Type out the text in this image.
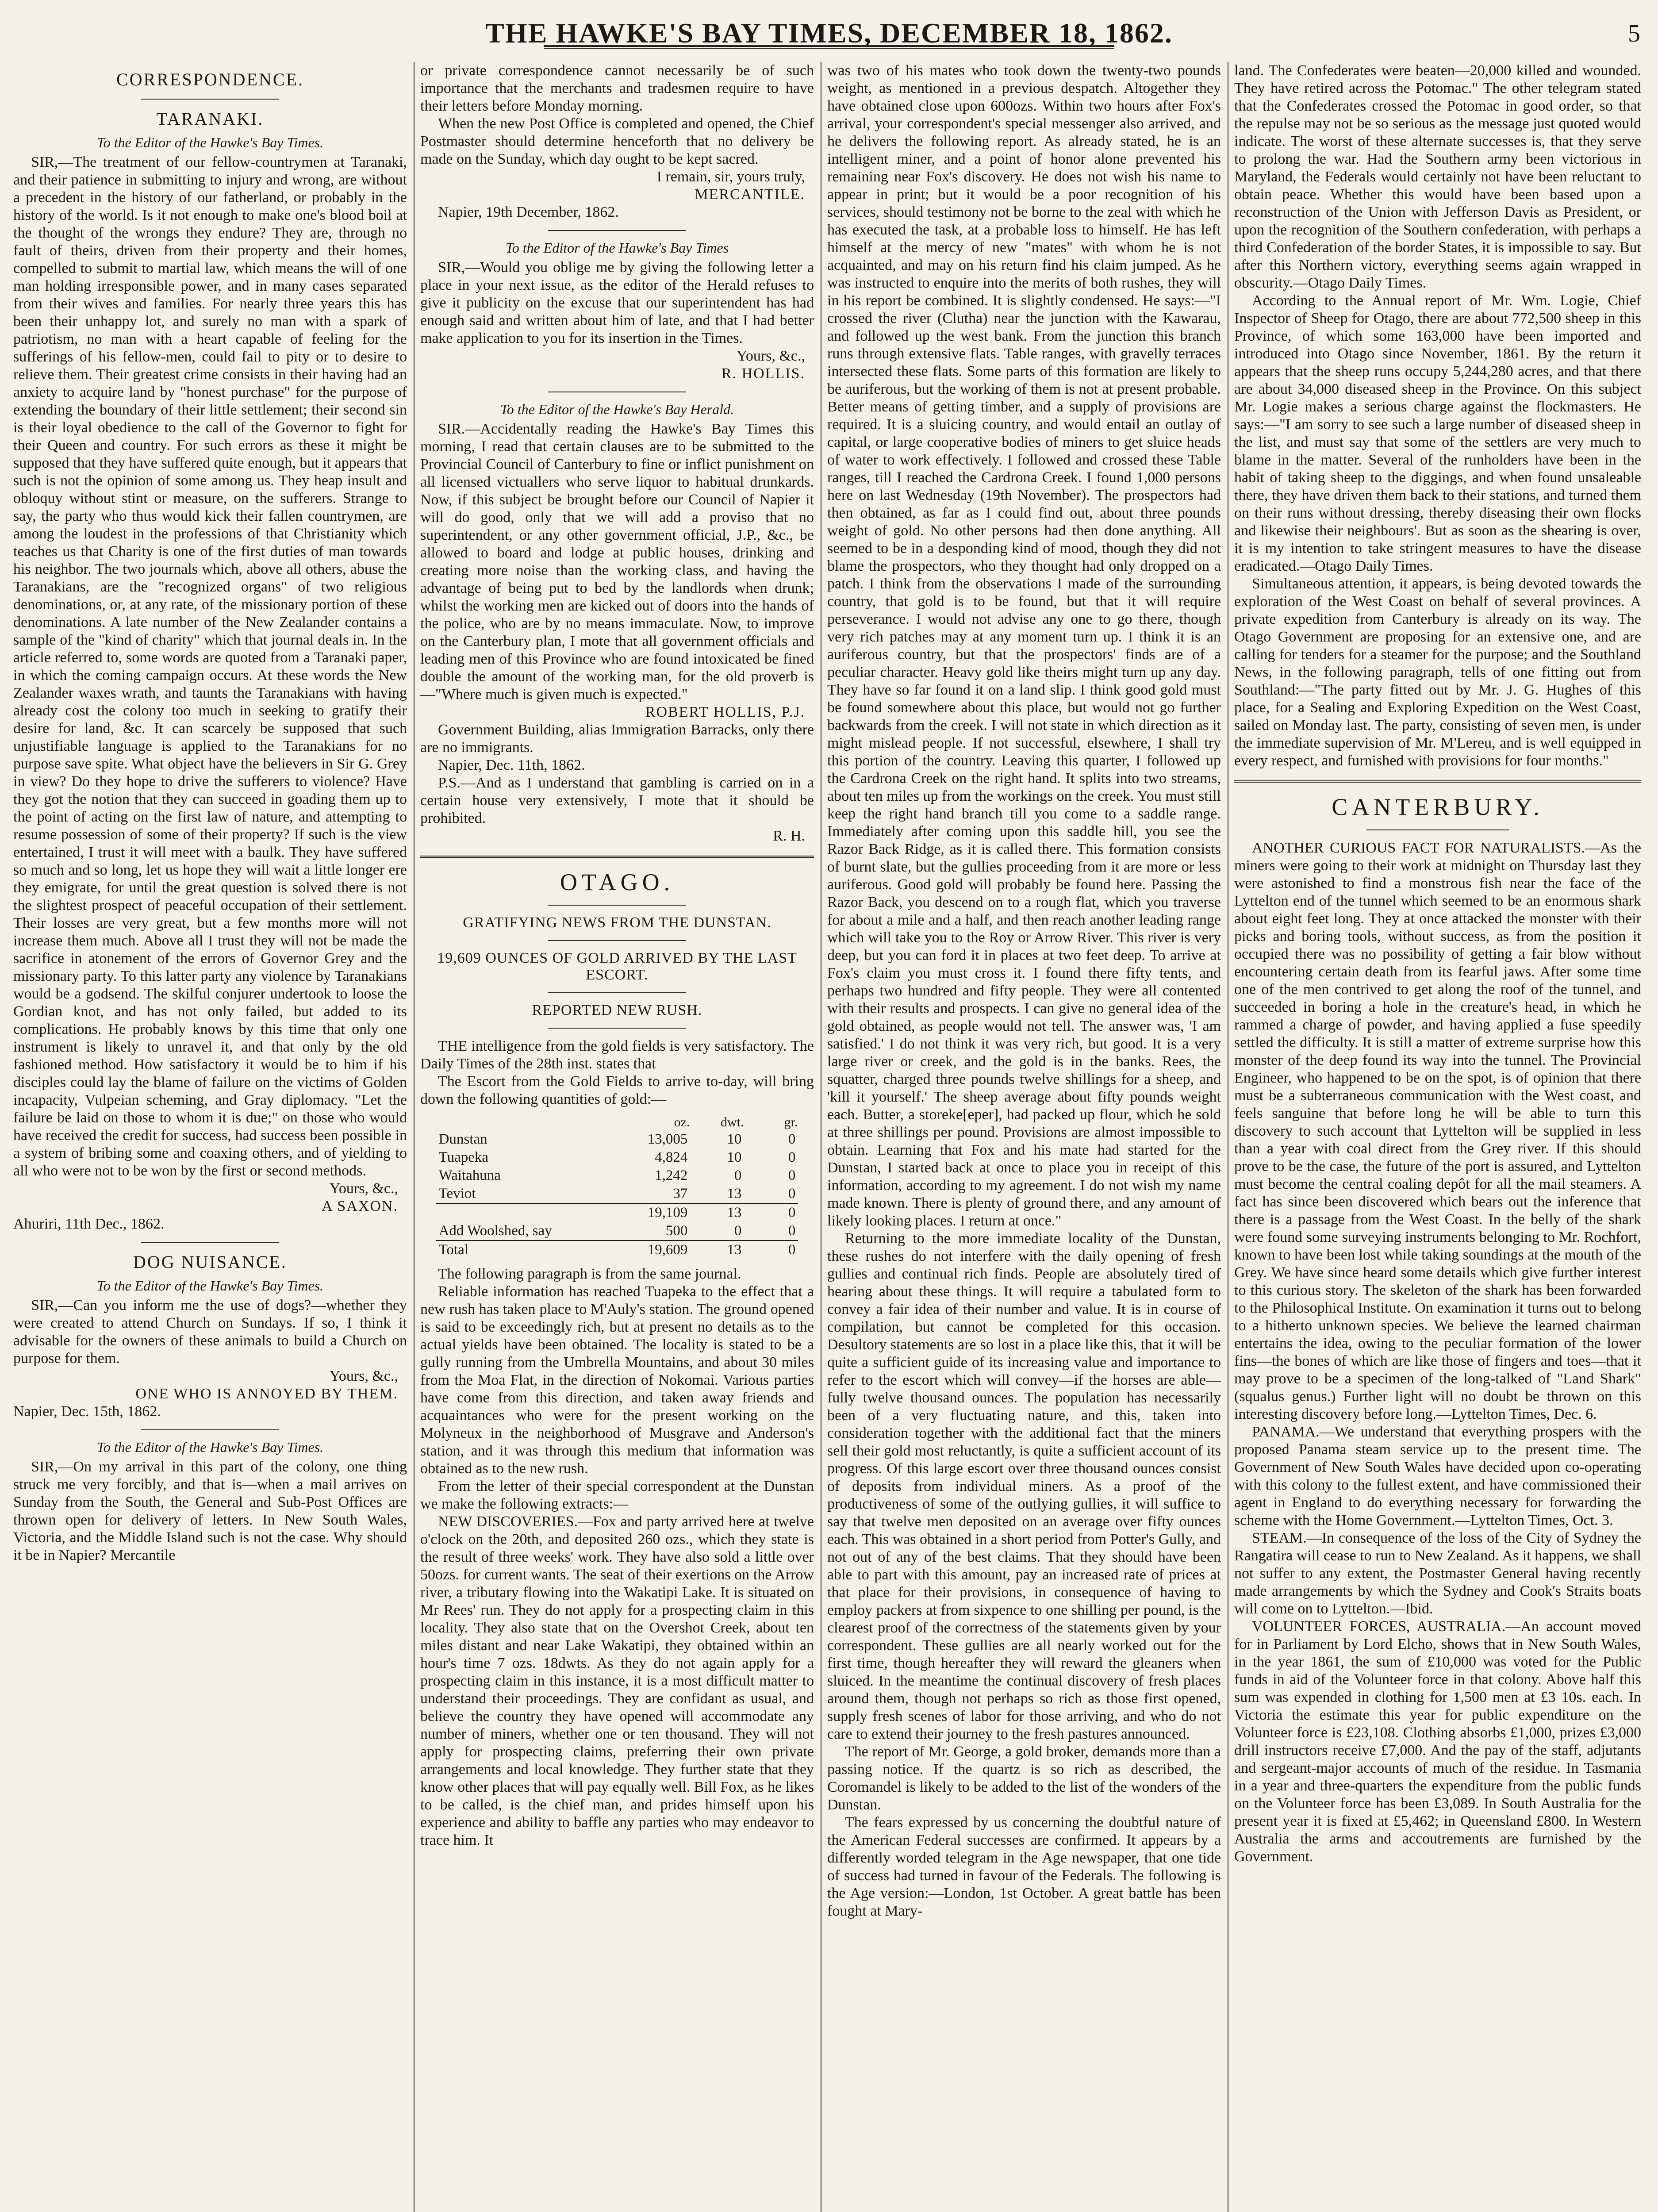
THE HAWKE'S BAY TIMES, DECEMBER 18, 1862.	5
CORRESPONDENCE.
TARANAKI.
To the Editor of the Hawke's Bay Times.

SIR,—The treatment of our fellow-countrymen at Taranaki, and their patience in submitting to injury and wrong, are without a precedent in the history of our fatherland, or probably in the history of the world. Is it not enough to make one's blood boil at the thought of the wrongs they endure? They are, through no fault of theirs, driven from their property and their homes, compelled to submit to martial law, which means the will of one man holding irresponsible power, and in many cases separated from their wives and families. For nearly three years this has been their unhappy lot, and surely no man with a spark of patriotism, no man with a heart capable of feeling for the sufferings of his fellow-men, could fail to pity or to desire to relieve them. Their greatest crime consists in their having had an anxiety to acquire land by "honest purchase" for the purpose of extending the boundary of their little settlement; their second sin is their loyal obedience to the call of the Governor to fight for their Queen and country. For such errors as these it might be supposed that they have suffered quite enough, but it appears that such is not the opinion of some among us. They heap insult and obloquy without stint or measure, on the sufferers. Strange to say, the party who thus would kick their fallen countrymen, are among the loudest in the professions of that Christianity which teaches us that Charity is one of the first duties of man towards his neighbor. The two journals which, above all others, abuse the Taranakians, are the "recognized organs" of two religious denominations, or, at any rate, of the missionary portion of these denominations. A late number of the New Zealander contains a sample of the "kind of charity" which that journal deals in. In the article referred to, some words are quoted from a Taranaki paper, in which the coming campaign occurs. At these words the New Zealander waxes wrath, and taunts the Taranakians with having already cost the colony too much in seeking to gratify their desire for land, &c. It can scarcely be supposed that such unjustifiable language is applied to the Taranakians for no purpose save spite. What object have the believers in Sir G. Grey in view? Do they hope to drive the sufferers to violence? Have they got the notion that they can succeed in goading them up to the point of acting on the first law of nature, and attempting to resume possession of some of their property? If such is the view entertained, I trust it will meet with a baulk. They have suffered so much and so long, let us hope they will wait a little longer ere they emigrate, for until the great question is solved there is not the slightest prospect of peaceful occupation of their settlement. Their losses are very great, but a few months more will not increase them much. Above all I trust they will not be made the sacrifice in atonement of the errors of Governor Grey and the missionary party. To this latter party any violence by Taranakians would be a godsend. The skilful conjurer undertook to loose the Gordian knot, and has not only failed, but added to its complications. He probably knows by this time that only one instrument is likely to unravel it, and that only by the old fashioned method. How satisfactory it would be to him if his disciples could lay the blame of failure on the victims of Golden incapacity, Vulpeian scheming, and Gray diplomacy. "Let the failure be laid on those to whom it is due;" on those who would have received the credit for success, had success been possible in a system of bribing some and coaxing others, and of yielding to all who were not to be won by the first or second methods.

Yours, &c.,

A SAXON.

Ahuriri, 11th Dec., 1862.

DOG NUISANCE.
To the Editor of the Hawke's Bay Times.

SIR,—Can you inform me the use of dogs?—whether they were created to attend Church on Sundays. If so, I think it advisable for the owners of these animals to build a Church on purpose for them.

Yours, &c.,

ONE WHO IS ANNOYED BY THEM.

Napier, Dec. 15th, 1862.

To the Editor of the Hawke's Bay Times.

SIR,—On my arrival in this part of the colony, one thing struck me very forcibly, and that is—when a mail arrives on Sunday from the South, the General and Sub-Post Offices are thrown open for delivery of letters. In New South Wales, Victoria, and the Middle Island such is not the case. Why should it be in Napier? Mercantile

or private correspondence cannot necessarily be of such importance that the merchants and tradesmen require to have their letters before Monday morning.

When the new Post Office is completed and opened, the Chief Postmaster should determine henceforth that no delivery be made on the Sunday, which day ought to be kept sacred.

I remain, sir, yours truly,

MERCANTILE.

Napier, 19th December, 1862.

To the Editor of the Hawke's Bay Times

SIR,—Would you oblige me by giving the following letter a place in your next issue, as the editor of the Herald refuses to give it publicity on the excuse that our superintendent has had enough said and written about him of late, and that I had better make application to you for its insertion in the Times.

Yours, &c.,

R. HOLLIS.

To the Editor of the Hawke's Bay Herald.

SIR.—Accidentally reading the Hawke's Bay Times this morning, I read that certain clauses are to be submitted to the Provincial Council of Canterbury to fine or inflict punishment on all licensed victuallers who serve liquor to habitual drunkards. Now, if this subject be brought before our Council of Napier it will do good, only that we will add a proviso that no superintendent, or any other government official, J.P., &c., be allowed to board and lodge at public houses, drinking and creating more noise than the working class, and having the advantage of being put to bed by the landlords when drunk; whilst the working men are kicked out of doors into the hands of the police, who are by no means immaculate. Now, to improve on the Canterbury plan, I mote that all government officials and leading men of this Province who are found intoxicated be fined double the amount of the working man, for the old proverb is—"Where much is given much is expected."

ROBERT HOLLIS, P.J.

Government Building, alias Immigration Barracks, only there are no immigrants.

Napier, Dec. 11th, 1862.

P.S.—And as I understand that gambling is carried on in a certain house very extensively, I mote that it should be prohibited.

R. H.

OTAGO.
GRATIFYING NEWS FROM THE DUNSTAN.
19,609 OUNCES OF GOLD ARRIVED BY THE LAST ESCORT.
REPORTED NEW RUSH.

THE intelligence from the gold fields is very satisfactory. The Daily Times of the 28th inst. states that

The Escort from the Gold Fields to arrive to-day, will bring down the following quantities of gold:—

	oz.	dwt.	gr.
Dunstan	13,005	10	0
Tuapeka	4,824	10	0
Waitahuna	1,242	0	0
Teviot	37	13	0
	19,109	13	0
Add Woolshed, say	500	0	0
Total	19,609	13	0

The following paragraph is from the same journal.

Reliable information has reached Tuapeka to the effect that a new rush has taken place to M'Auly's station. The ground opened is said to be exceedingly rich, but at present no details as to the actual yields have been obtained. The locality is stated to be a gully running from the Umbrella Mountains, and about 30 miles from the Moa Flat, in the direction of Nokomai. Various parties have come from this direction, and taken away friends and acquaintances who were for the present working on the Molyneux in the neighborhood of Musgrave and Anderson's station, and it was through this medium that information was obtained as to the new rush.

From the letter of their special correspondent at the Dunstan we make the following extracts:—

NEW DISCOVERIES.—Fox and party arrived here at twelve o'clock on the 20th, and deposited 260 ozs., which they state is the result of three weeks' work. They have also sold a little over 50ozs. for current wants. The seat of their exertions on the Arrow river, a tributary flowing into the Wakatipi Lake. It is situated on Mr Rees' run. They do not apply for a prospecting claim in this locality. They also state that on the Overshot Creek, about ten miles distant and near Lake Wakatipi, they obtained within an hour's time 7 ozs. 18dwts. As they do not again apply for a prospecting claim in this instance, it is a most difficult matter to understand their proceedings. They are confidant as usual, and believe the country they have opened will accommodate any number of miners, whether one or ten thousand. They will not apply for prospecting claims, preferring their own private arrangements and local knowledge. They further state that they know other places that will pay equally well. Bill Fox, as he likes to be called, is the chief man, and prides himself upon his experience and ability to baffle any parties who may endeavor to trace him. It

was two of his mates who took down the twenty-two pounds weight, as mentioned in a previous despatch. Altogether they have obtained close upon 600ozs. Within two hours after Fox's arrival, your correspondent's special messenger also arrived, and he delivers the following report. As already stated, he is an intelligent miner, and a point of honor alone prevented his remaining near Fox's discovery. He does not wish his name to appear in print; but it would be a poor recognition of his services, should testimony not be borne to the zeal with which he has executed the task, at a probable loss to himself. He has left himself at the mercy of new "mates" with whom he is not acquainted, and may on his return find his claim jumped. As he was instructed to enquire into the merits of both rushes, they will in his report be combined. It is slightly condensed. He says:—"I crossed the river (Clutha) near the junction with the Kawarau, and followed up the west bank. From the junction this branch runs through extensive flats. Table ranges, with gravelly terraces intersected these flats. Some parts of this formation are likely to be auriferous, but the working of them is not at present probable. Better means of getting timber, and a supply of provisions are required. It is a sluicing country, and would entail an outlay of capital, or large cooperative bodies of miners to get sluice heads of water to work effectively. I followed and crossed these Table ranges, till I reached the Cardrona Creek. I found 1,000 persons here on last Wednesday (19th November). The prospectors had then obtained, as far as I could find out, about three pounds weight of gold. No other persons had then done anything. All seemed to be in a desponding kind of mood, though they did not blame the prospectors, who they thought had only dropped on a patch. I think from the observations I made of the surrounding country, that gold is to be found, but that it will require perseverance. I would not advise any one to go there, though very rich patches may at any moment turn up. I think it is an auriferous country, but that the prospectors' finds are of a peculiar character. Heavy gold like theirs might turn up any day. They have so far found it on a land slip. I think good gold must be found somewhere about this place, but would not go further backwards from the creek. I will not state in which direction as it might mislead people. If not successful, elsewhere, I shall try this portion of the country. Leaving this quarter, I followed up the Cardrona Creek on the right hand. It splits into two streams, about ten miles up from the workings on the creek. You must still keep the right hand branch till you come to a saddle range. Immediately after coming upon this saddle hill, you see the Razor Back Ridge, as it is called there. This formation consists of burnt slate, but the gullies proceeding from it are more or less auriferous. Good gold will probably be found here. Passing the Razor Back, you descend on to a rough flat, which you traverse for about a mile and a half, and then reach another leading range which will take you to the Roy or Arrow River. This river is very deep, but you can ford it in places at two feet deep. To arrive at Fox's claim you must cross it. I found there fifty tents, and perhaps two hundred and fifty people. They were all contented with their results and prospects. I can give no general idea of the gold obtained, as people would not tell. The answer was, 'I am satisfied.' I do not think it was very rich, but good. It is a very large river or creek, and the gold is in the banks. Rees, the squatter, charged three pounds twelve shillings for a sheep, and 'kill it yourself.' The sheep average about fifty pounds weight each. Butter, a storeke[eper], had packed up flour, which he sold at three shillings per pound. Provisions are almost impossible to obtain. Learning that Fox and his mate had started for the Dunstan, I started back at once to place you in receipt of this information, according to my agreement. I do not wish my name made known. There is plenty of ground there, and any amount of likely looking places. I return at once."

Returning to the more immediate locality of the Dunstan, these rushes do not interfere with the daily opening of fresh gullies and continual rich finds. People are absolutely tired of hearing about these things. It will require a tabulated form to convey a fair idea of their number and value. It is in course of compilation, but cannot be completed for this occasion. Desultory statements are so lost in a place like this, that it will be quite a sufficient guide of its increasing value and importance to refer to the escort which will convey—if the horses are able—fully twelve thousand ounces. The population has necessarily been of a very fluctuating nature, and this, taken into consideration together with the additional fact that the miners sell their gold most reluctantly, is quite a sufficient account of its progress. Of this large escort over three thousand ounces consist of deposits from individual miners. As a proof of the productiveness of some of the outlying gullies, it will suffice to say that twelve men deposited on an average over fifty ounces each. This was obtained in a short period from Potter's Gully, and not out of any of the best claims. That they should have been able to part with this amount, pay an increased rate of prices at that place for their provisions, in consequence of having to employ packers at from sixpence to one shilling per pound, is the clearest proof of the correctness of the statements given by your correspondent. These gullies are all nearly worked out for the first time, though hereafter they will reward the gleaners when sluiced. In the meantime the continual discovery of fresh places around them, though not perhaps so rich as those first opened, supply fresh scenes of labor for those arriving, and who do not care to extend their journey to the fresh pastures announced.

The report of Mr. George, a gold broker, demands more than a passing notice. If the quartz is so rich as described, the Coromandel is likely to be added to the list of the wonders of the Dunstan.

The fears expressed by us concerning the doubtful nature of the American Federal successes are confirmed. It appears by a differently worded telegram in the Age newspaper, that one tide of success had turned in favour of the Federals. The following is the Age version:—London, 1st October. A great battle has been fought at Mary-

land. The Confederates were beaten—20,000 killed and wounded. They have retired across the Potomac." The other telegram stated that the Confederates crossed the Potomac in good order, so that the repulse may not be so serious as the message just quoted would indicate. The worst of these alternate successes is, that they serve to prolong the war. Had the Southern army been victorious in Maryland, the Federals would certainly not have been reluctant to obtain peace. Whether this would have been based upon a reconstruction of the Union with Jefferson Davis as President, or upon the recognition of the Southern confederation, with perhaps a third Confederation of the border States, it is impossible to say. But after this Northern victory, everything seems again wrapped in obscurity.—Otago Daily Times.

According to the Annual report of Mr. Wm. Logie, Chief Inspector of Sheep for Otago, there are about 772,500 sheep in this Province, of which some 163,000 have been imported and introduced into Otago since November, 1861. By the return it appears that the sheep runs occupy 5,244,280 acres, and that there are about 34,000 diseased sheep in the Province. On this subject Mr. Logie makes a serious charge against the flockmasters. He says:—"I am sorry to see such a large number of diseased sheep in the list, and must say that some of the settlers are very much to blame in the matter. Several of the runholders have been in the habit of taking sheep to the diggings, and when found unsaleable there, they have driven them back to their stations, and turned them on their runs without dressing, thereby diseasing their own flocks and likewise their neighbours'. But as soon as the shearing is over, it is my intention to take stringent measures to have the disease eradicated.—Otago Daily Times.

Simultaneous attention, it appears, is being devoted towards the exploration of the West Coast on behalf of several provinces. A private expedition from Canterbury is already on its way. The Otago Government are proposing for an extensive one, and are calling for tenders for a steamer for the purpose; and the Southland News, in the following paragraph, tells of one fitting out from Southland:—"The party fitted out by Mr. J. G. Hughes of this place, for a Sealing and Exploring Expedition on the West Coast, sailed on Monday last. The party, consisting of seven men, is under the immediate supervision of Mr. M'Lereu, and is well equipped in every respect, and furnished with provisions for four months."

CANTERBURY.

ANOTHER CURIOUS FACT FOR NATURALISTS.—As the miners were going to their work at midnight on Thursday last they were astonished to find a monstrous fish near the face of the Lyttelton end of the tunnel which seemed to be an enormous shark about eight feet long. They at once attacked the monster with their picks and boring tools, without success, as from the position it occupied there was no possibility of getting a fair blow without encountering certain death from its fearful jaws. After some time one of the men contrived to get along the roof of the tunnel, and succeeded in boring a hole in the creature's head, in which he rammed a charge of powder, and having applied a fuse speedily settled the difficulty. It is still a matter of extreme surprise how this monster of the deep found its way into the tunnel. The Provincial Engineer, who happened to be on the spot, is of opinion that there must be a subterraneous communication with the West coast, and feels sanguine that before long he will be able to turn this discovery to such account that Lyttelton will be supplied in less than a year with coal direct from the Grey river. If this should prove to be the case, the future of the port is assured, and Lyttelton must become the central coaling depôt for all the mail steamers. A fact has since been discovered which bears out the inference that there is a passage from the West Coast. In the belly of the shark were found some surveying instruments belonging to Mr. Rochfort, known to have been lost while taking soundings at the mouth of the Grey. We have since heard some details which give further interest to this curious story. The skeleton of the shark has been forwarded to the Philosophical Institute. On examination it turns out to belong to a hitherto unknown species. We believe the learned chairman entertains the idea, owing to the peculiar formation of the lower fins—the bones of which are like those of fingers and toes—that it may prove to be a specimen of the long-talked of "Land Shark" (squalus genus.) Further light will no doubt be thrown on this interesting discovery before long.—Lyttelton Times, Dec. 6.

PANAMA.—We understand that everything prospers with the proposed Panama steam service up to the present time. The Government of New South Wales have decided upon co-operating with this colony to the fullest extent, and have commissioned their agent in England to do everything necessary for forwarding the scheme with the Home Government.—Lyttelton Times, Oct. 3.

STEAM.—In consequence of the loss of the City of Sydney the Rangatira will cease to run to New Zealand. As it happens, we shall not suffer to any extent, the Postmaster General having recently made arrangements by which the Sydney and Cook's Straits boats will come on to Lyttelton.—Ibid.

VOLUNTEER FORCES, AUSTRALIA.—An account moved for in Parliament by Lord Elcho, shows that in New South Wales, in the year 1861, the sum of £10,000 was voted for the Public funds in aid of the Volunteer force in that colony. Above half this sum was expended in clothing for 1,500 men at £3 10s. each. In Victoria the estimate this year for public expenditure on the Volunteer force is £23,108. Clothing absorbs £1,000, prizes £3,000 drill instructors receive £7,000. And the pay of the staff, adjutants and sergeant-major accounts of much of the residue. In Tasmania in a year and three-quarters the expenditure from the public funds on the Volunteer force has been £3,089. In South Australia for the present year it is fixed at £5,462; in Queensland £800. In Western Australia the arms and accoutrements are furnished by the Government.
